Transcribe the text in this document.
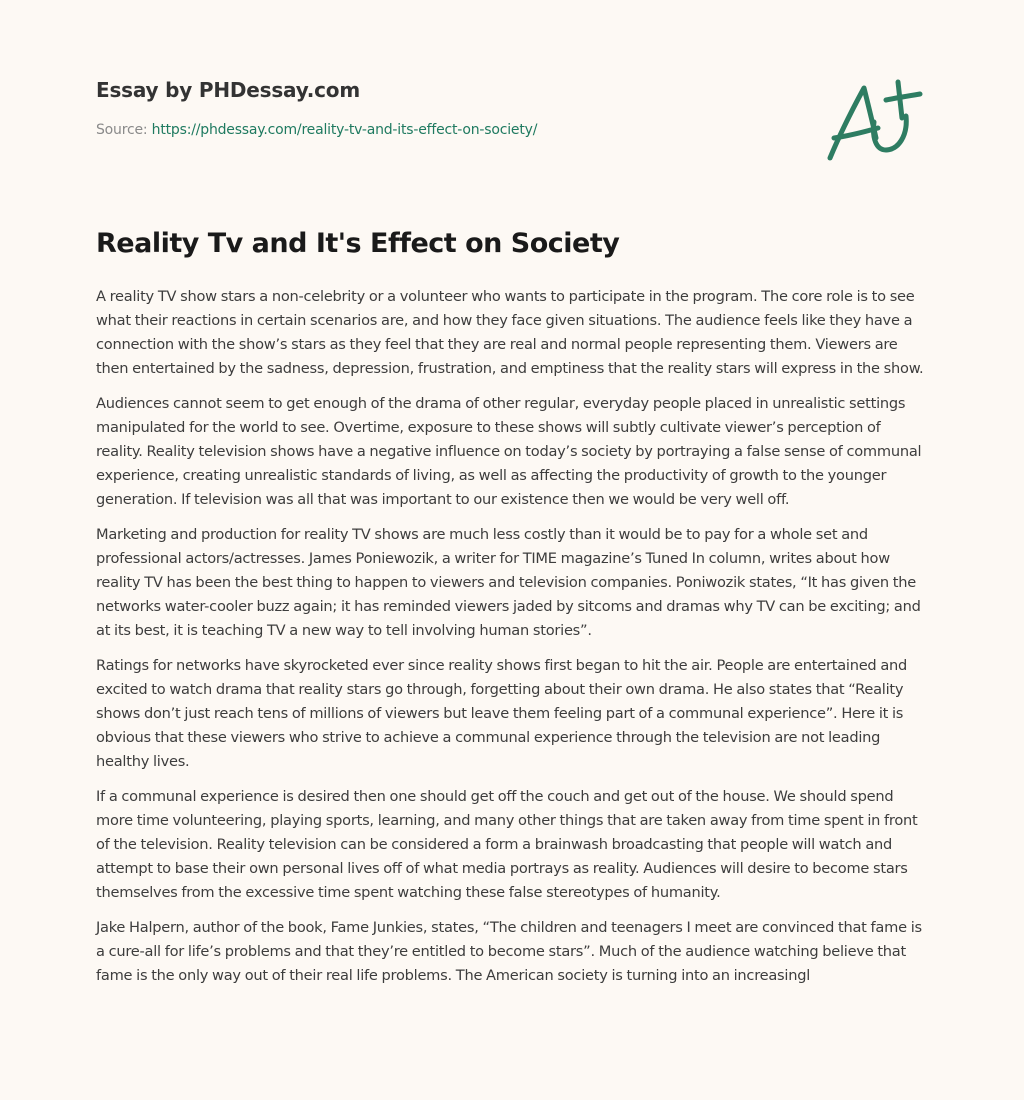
Essay by PHDessay.com
Source: https://phdessay.com/reality-tv-and-its-effect-on-society/
Reality Tv and It's Effect on Society

A reality TV show stars a non-celebrity or a volunteer who wants to participate in the program. The core role is to see what their reactions in certain scenarios are, and how they face given situations. The audience feels like they have a connection with the show’s stars as they feel that they are real and normal people representing them. Viewers are then entertained by the sadness, depression, frustration, and emptiness that the reality stars will express in the show.

Audiences cannot seem to get enough of the drama of other regular, everyday people placed in unrealistic settings manipulated for the world to see. Overtime, exposure to these shows will subtly cultivate viewer’s perception of reality. Reality television shows have a negative influence on today’s society by portraying a false sense of communal experience, creating unrealistic standards of living, as well as affecting the productivity of growth to the younger generation. If television was all that was important to our existence then we would be very well off.

Marketing and production for reality TV shows are much less costly than it would be to pay for a whole set and professional actors/actresses. James Poniewozik, a writer for TIME magazine’s Tuned In column, writes about how reality TV has been the best thing to happen to viewers and television companies. Poniwozik states, “It has given the networks water-cooler buzz again; it has reminded viewers jaded by sitcoms and dramas why TV can be exciting; and at its best, it is teaching TV a new way to tell involving human stories”.

Ratings for networks have skyrocketed ever since reality shows first began to hit the air. People are entertained and excited to watch drama that reality stars go through, forgetting about their own drama. He also states that “Reality shows don’t just reach tens of millions of viewers but leave them feeling part of a communal experience”. Here it is obvious that these viewers who strive to achieve a communal experience through the television are not leading healthy lives.

If a communal experience is desired then one should get off the couch and get out of the house. We should spend more time volunteering, playing sports, learning, and many other things that are taken away from time spent in front of the television. Reality television can be considered a form a brainwash broadcasting that people will watch and attempt to base their own personal lives off of what media portrays as reality. Audiences will desire to become stars themselves from the excessive time spent watching these false stereotypes of humanity.

Jake Halpern, author of the book, Fame Junkies, states, “The children and teenagers I meet are convinced that fame is a cure-all for life’s problems and that they’re entitled to become stars”. Much of the audience watching believe that fame is the only way out of their real life problems. The American society is turning into an increasingl
